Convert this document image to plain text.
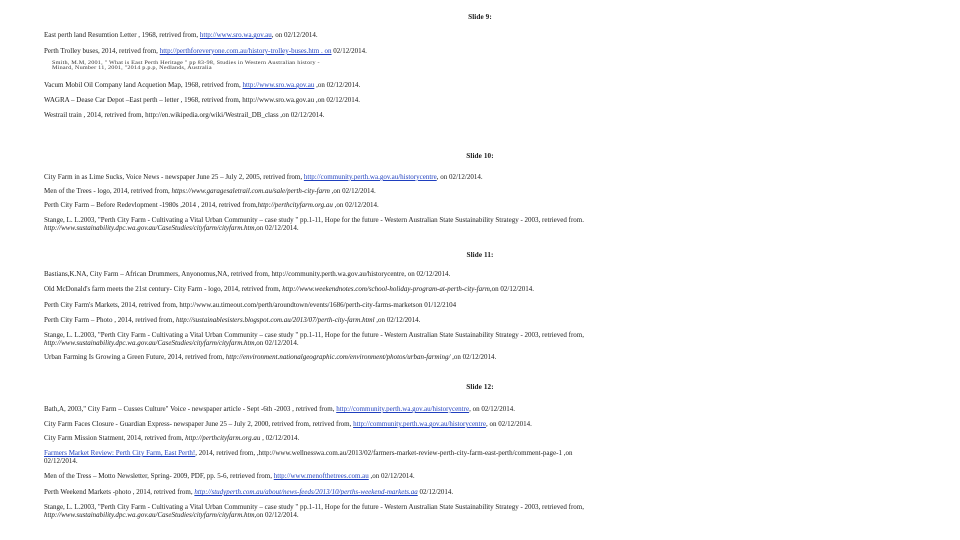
Slide 9:
East perth land Resumtion Letter , 1968, retrived from, http://www.sro.wa.gov.au, on 02/12/2014.
Perth Trolley buses, 2014, retrived from, http://perthforeveryone.com.au/history-trolley-buses.htm . on 02/12/2014.
Smith, M.M, 2001, " What is East Perth Heritage " pp 83-98, Studies in Western Australian history -
Minard, Number 11, 2001, "2014 p.p.p, Nedlands, Australia
Vacum Mobil Oil Company land Acquetion Map, 1968, retrived from, http://www.sro.wa.gov.au ,on 02/12/2014.
WAGRA – Dease Car Depot –East perth – letter , 1968, retrived from, http://www.sro.wa.gov.au ,on 02/12/2014.
Westrail train , 2014, retrived from, http://en.wikipedia.org/wiki/Westrail_DB_class ,on 02/12/2014.
Slide 10:
City Farm in as Lime Sucks, Voice News - newspaper June 25 – July 2, 2005, retrived from, http://community.perth.wa.gov.au/historycentre, on 02/12/2014.
Men of the Trees - logo, 2014, retrived from, https://www.garagesaletrail.com.au/sale/perth-city-farm ,on 02/12/2014.
Perth City Farm – Before Redevlopment -1980s ,2014 , 2014, retrived from,http://perthcityfarm.org.au ,on 02/12/2014.
Stange, L. L.2003, "Perth City Farm - Cultivating a Vital Urban Community – case study " pp.1-11, Hope for the future - Western Australian State Sustainability Strategy - 2003, retrieved from.
http://www.sustainability.dpc.wa.gov.au/CaseStudies/cityfarm/cityfarm.htm,on 02/12/2014.
Slide 11:
Bastians,K.NA, City Farm – African Drummers, Anyonomus,NA, retrived from, http://community.perth.wa.gov.au/historycentre, on 02/12/2014.
Old McDonald's farm meets the 21st century- City Farm - logo, 2014, retrived from, http://www.weekendnotes.com/school-holiday-program-at-perth-city-farm,on 02/12/2014.
Perth City Farm's Markets, 2014, retrived from, http://www.au.timeout.com/perth/aroundtown/events/1686/perth-city-farms-marketson 01/12/2104
Perth City Farm – Photo , 2014, retrived from, http://sustainablesisters.blogspot.com.au/2013/07/perth-city-farm.html ,on 02/12/2014.
Stange, L. L.2003, "Perth City Farm - Cultivating a Vital Urban Community – case study " pp.1-11, Hope for the future - Western Australian State Sustainability Strategy - 2003, retrieved from,
http://www.sustainability.dpc.wa.gov.au/CaseStudies/cityfarm/cityfarm.htm,on 02/12/2014.
Urban Farming Is Growing a Green Future, 2014, retrived from, http://environment.nationalgeographic.com/environment/photos/urban-farming/ ,on 02/12/2014.
Slide 12:
Bath,A, 2003," City Farm – Cusses Culture" Voice - newspaper article - Sept -6th -2003 , retrived from, http://community.perth.wa.gov.au/historycentre, on 02/12/2014.
City Farm Faces Closure - Guardian Express- newspaper June 25 – July 2, 2000, retrived from, retrived from, http://community.perth.wa.gov.au/historycentre, on 02/12/2014.
City Farm Mission Statment, 2014, retrived from, http://perthcityfarm.org.au , 02/12/2014.
Farmers Market Review: Perth City Farm, East Perth!, 2014, retrived from, ,http://www.wellnesswa.com.au/2013/02/farmers-market-review-perth-city-farm-east-perth/comment-page-1 ,on
02/12/2014.
Men of the Tress – Motto Newsletter, Spring- 2009, PDF, pp. 5-6, retrieved from, http://www.menofthetrees.com.au ,on 02/12/2014.
Perth Weekend Markets -photo , 2014, retrived from, http://studyperth.com.au/about/news-feeds/2013/10/perths-weekend-markets.aa 02/12/2014.
Stange, L. L.2003, "Perth City Farm - Cultivating a Vital Urban Community – case study " pp.1-11, Hope for the future - Western Australian State Sustainability Strategy - 2003, retrieved from,
http://www.sustainability.dpc.wa.gov.au/CaseStudies/cityfarm/cityfarm.htm,on 02/12/2014.
